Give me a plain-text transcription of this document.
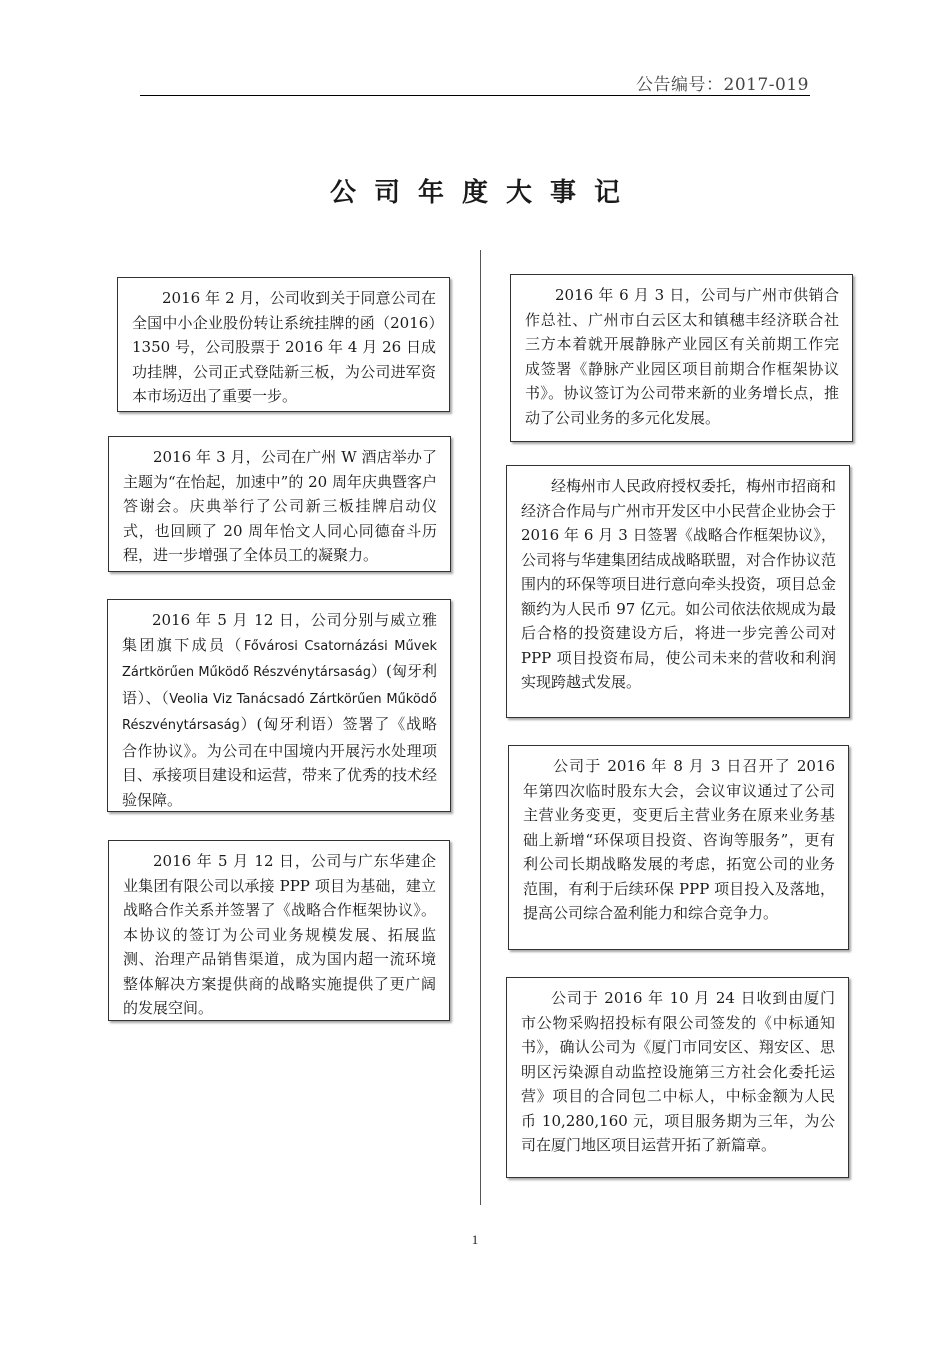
公告编号：2017-019
公司年度大事记
2016 年 2 月，公司收到关于同意公司在全国中小企业股份转让系统挂牌的函（2016）1350 号，公司股票于 2016 年 4 月 26 日成功挂牌，公司正式登陆新三板，为公司进军资本市场迈出了重要一步。
2016 年 3 月，公司在广州 W 酒店举办了主题为“在怡起，加速中”的 20 周年庆典暨客户答谢会。庆典举行了公司新三板挂牌启动仪式，也回顾了 20 周年怡文人同心同德奋斗历程，进一步增强了全体员工的凝聚力。
2016 年 5 月 12 日，公司分别与威立雅集团旗下成员（Fővárosi Csatornázási Művek Zártkörűen Működő Részvénytársaság）(匈牙利语）、（Veolia Viz Tanácsadó Zártkörűen Működő Részvénytársaság）(匈牙利语）签署了《战略合作协议》。为公司在中国境内开展污水处理项目、承接项目建设和运营，带来了优秀的技术经验保障。
2016 年 5 月 12 日，公司与广东华建企业集团有限公司以承接 PPP 项目为基础，建立战略合作关系并签署了《战略合作框架协议》。本协议的签订为公司业务规模发展、拓展监测、治理产品销售渠道，成为国内超一流环境整体解决方案提供商的战略实施提供了更广阔的发展空间。
2016 年 6 月 3 日，公司与广州市供销合作总社、广州市白云区太和镇穗丰经济联合社三方本着就开展静脉产业园区有关前期工作完成签署《静脉产业园区项目前期合作框架协议书》。协议签订为公司带来新的业务增长点，推动了公司业务的多元化发展。
经梅州市人民政府授权委托，梅州市招商和经济合作局与广州市开发区中小民营企业协会于 2016 年 6 月 3 日签署《战略合作框架协议》，公司将与华建集团结成战略联盟，对合作协议范围内的环保等项目进行意向牵头投资，项目总金额约为人民币 97 亿元。如公司依法依规成为最后合格的投资建设方后，将进一步完善公司对 PPP 项目投资布局，使公司未来的营收和利润实现跨越式发展。
公司于 2016 年 8 月 3 日召开了 2016 年第四次临时股东大会，会议审议通过了公司主营业务变更，变更后主营业务在原来业务基础上新增“环保项目投资、咨询等服务”，更有利公司长期战略发展的考虑，拓宽公司的业务范围，有利于后续环保 PPP 项目投入及落地，提高公司综合盈利能力和综合竞争力。
公司于 2016 年 10 月 24 日收到由厦门市公物采购招投标有限公司签发的《中标通知书》，确认公司为《厦门市同安区、翔安区、思明区污染源自动监控设施第三方社会化委托运营》项目的合同包二中标人，中标金额为人民币 10,280,160 元，项目服务期为三年，为公司在厦门地区项目运营开拓了新篇章。
1
